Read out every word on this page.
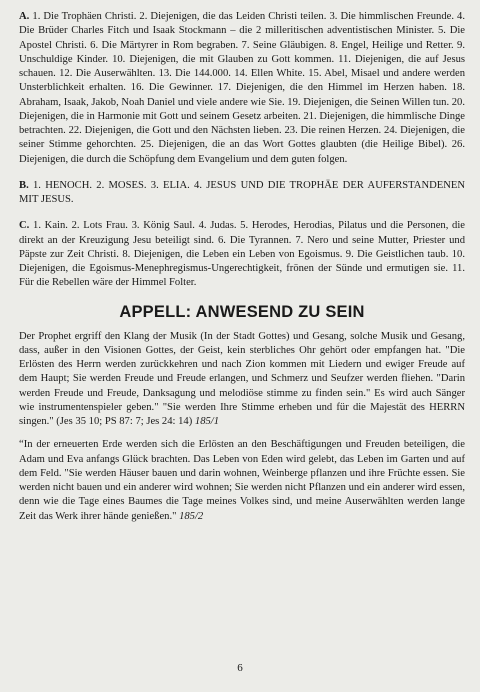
A. 1. Die Trophäen Christi. 2. Diejenigen, die das Leiden Christi teilen. 3. Die himmlischen Freunde. 4. Die Brüder Charles Fitch und Isaak Stockmann – die 2 milleritischen adventistischen Minister. 5. Die Apostel Christi. 6. Die Märtyrer in Rom begraben. 7. Seine Gläubigen. 8. Engel, Heilige und Retter. 9. Unschuldige Kinder. 10. Diejenigen, die mit Glauben zu Gott kommen. 11. Diejenigen, die auf Jesus schauen. 12. Die Auserwählten. 13. Die 144.000. 14. Ellen White. 15. Abel, Misael und andere werden Unsterblichkeit erhalten. 16. Die Gewinner. 17. Diejenigen, die den Himmel im Herzen haben. 18. Abraham, Isaak, Jakob, Noah Daniel und viele andere wie Sie. 19. Diejenigen, die Seinen Willen tun. 20. Diejenigen, die in Harmonie mit Gott und seinem Gesetz arbeiten. 21. Diejenigen, die himmlische Dinge betrachten. 22. Diejenigen, die Gott und den Nächsten lieben. 23. Die reinen Herzen. 24. Diejenigen, die seiner Stimme gehorchten. 25. Diejenigen, die an das Wort Gottes glaubten (die Heilige Bibel). 26. Diejenigen, die durch die Schöpfung dem Evangelium und dem guten folgen.

B. 1. HENOCH. 2. MOSES. 3. ELIA. 4. JESUS UND DIE TROPHÄE DER AUFERSTANDENEN MIT JESUS.

C. 1. Kain. 2. Lots Frau. 3. König Saul. 4. Judas. 5. Herodes, Herodias, Pilatus und die Personen, die direkt an der Kreuzigung Jesu beteiligt sind. 6. Die Tyrannen. 7. Nero und seine Mutter, Priester und Päpste zur Zeit Christi. 8. Diejenigen, die Leben ein Leben von Egoismus. 9. Die Geistlichen taub. 10. Diejenigen, die Egoismus-Menephregismus-Ungerechtigkeit, frönen der Sünde und ermutigen sie. 11. Für die Rebellen wäre der Himmel Folter.

APPELL: ANWESEND ZU SEIN

Der Prophet ergriff den Klang der Musik (In der Stadt Gottes) und Gesang, solche Musik und Gesang, dass, außer in den Visionen Gottes, der Geist, kein sterbliches Ohr gehört oder empfangen hat. "Die Erlösten des Herrn werden zurückkehren und nach Zion kommen mit Liedern und ewiger Freude auf dem Haupt; Sie werden Freude und Freude erlangen, und Schmerz und Seufzer werden fliehen. "Darin werden Freude und Freude, Danksagung und melodiöse stimme zu finden sein." Es wird auch Sänger wie instrumentenspieler geben." "Sie werden Ihre Stimme erheben und für die Majestät des HERRN singen." (Jes 35 10; PS 87: 7; Jes 24: 14) 185/1

“In der erneuerten Erde werden sich die Erlösten an den Beschäftigungen und Freuden beteiligen, die Adam und Eva anfangs Glück brachten. Das Leben von Eden wird gelebt, das Leben im Garten und auf dem Feld. "Sie werden Häuser bauen und darin wohnen, Weinberge pflanzen und ihre Früchte essen. Sie werden nicht bauen und ein anderer wird wohnen; Sie werden nicht Pflanzen und ein anderer wird essen, denn wie die Tage eines Baumes die Tage meines Volkes sind, und meine Auserwählten werden lange Zeit das Werk ihrer hände genießen." 185/2

6
